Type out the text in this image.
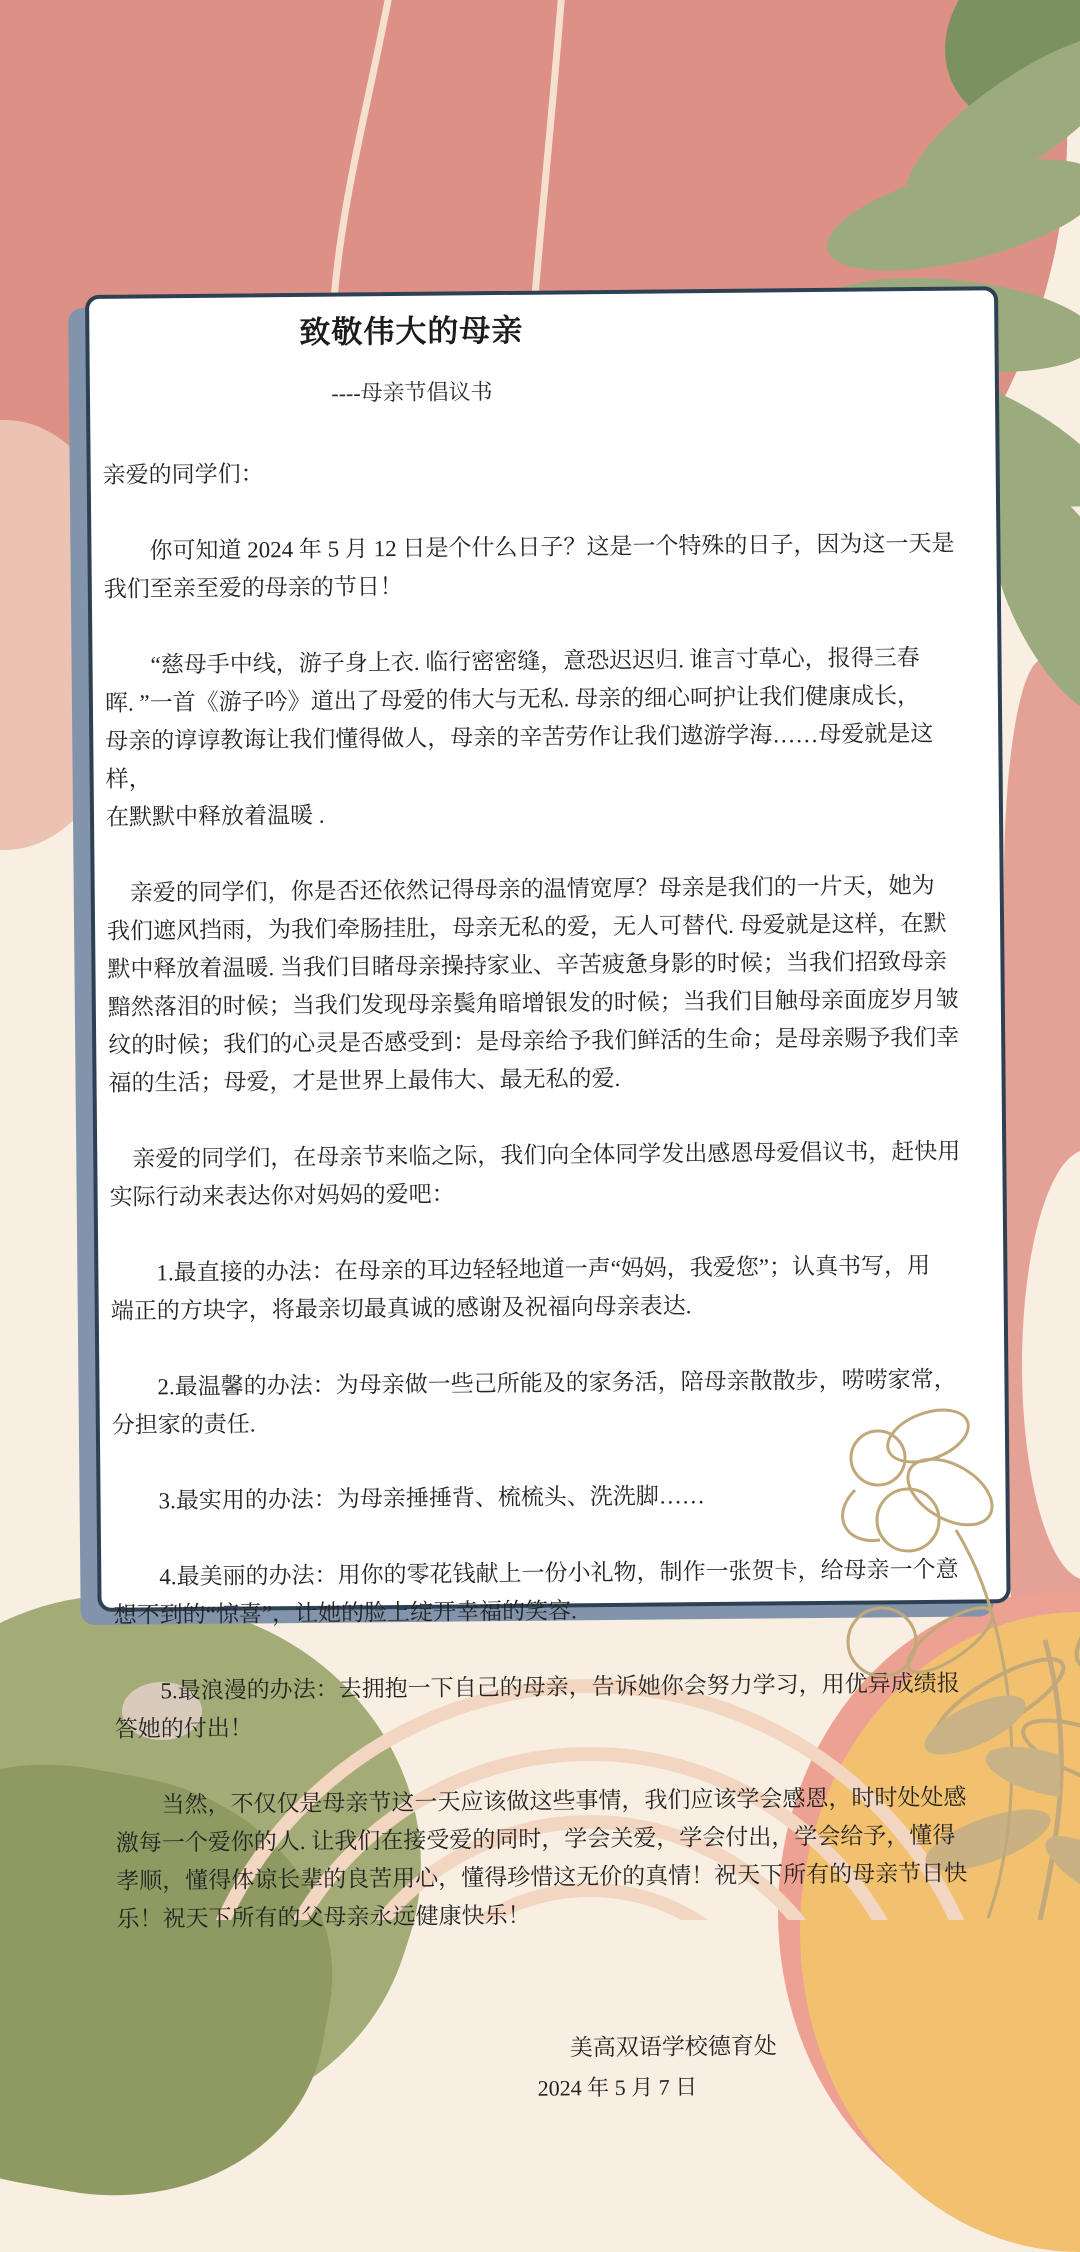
致敬伟大的母亲
----母亲节倡议书

亲爱的同学们：

　　你可知道 2024 年 5 月 12 日是个什么日子？这是一个特殊的日子，因为这一天是
我们至亲至爱的母亲的节日！

　　“慈母手中线，游子身上衣. 临行密密缝，意恐迟迟归. 谁言寸草心，报得三春
晖. ”一首《游子吟》道出了母爱的伟大与无私. 母亲的细心呵护让我们健康成长，
母亲的谆谆教诲让我们懂得做人，母亲的辛苦劳作让我们遨游学海……母爱就是这样，
在默默中释放着温暖 .

　亲爱的同学们，你是否还依然记得母亲的温情宽厚？母亲是我们的一片天，她为
我们遮风挡雨，为我们牵肠挂肚，母亲无私的爱，无人可替代. 母爱就是这样，在默
默中释放着温暖. 当我们目睹母亲操持家业、辛苦疲惫身影的时候；当我们招致母亲
黯然落泪的时候；当我们发现母亲鬓角暗增银发的时候；当我们目触母亲面庞岁月皱
纹的时候；我们的心灵是否感受到：是母亲给予我们鲜活的生命；是母亲赐予我们幸
福的生活；母爱，才是世界上最伟大、最无私的爱.

　亲爱的同学们，在母亲节来临之际，我们向全体同学发出感恩母爱倡议书，赶快用
实际行动来表达你对妈妈的爱吧：

　　1.最直接的办法：在母亲的耳边轻轻地道一声“妈妈，我爱您”；认真书写，用
端正的方块字，将最亲切最真诚的感谢及祝福向母亲表达.

　　2.最温馨的办法：为母亲做一些己所能及的家务活，陪母亲散散步，唠唠家常，
分担家的责任.

　　3.最实用的办法：为母亲捶捶背、梳梳头、洗洗脚……

　　4.最美丽的办法：用你的零花钱献上一份小礼物，制作一张贺卡，给母亲一个意
想不到的“惊喜”，让她的脸上绽开幸福的笑容.

　　5.最浪漫的办法：去拥抱一下自己的母亲，告诉她你会努力学习，用优异成绩报
答她的付出！

　　当然，不仅仅是母亲节这一天应该做这些事情，我们应该学会感恩，时时处处感
激每一个爱你的人. 让我们在接受爱的同时，学会关爱，学会付出，学会给予，懂得
孝顺，懂得体谅长辈的良苦用心，懂得珍惜这无价的真情！祝天下所有的母亲节日快
乐！祝天下所有的父母亲永远健康快乐！

美高双语学校德育处
2024 年 5 月 7 日
